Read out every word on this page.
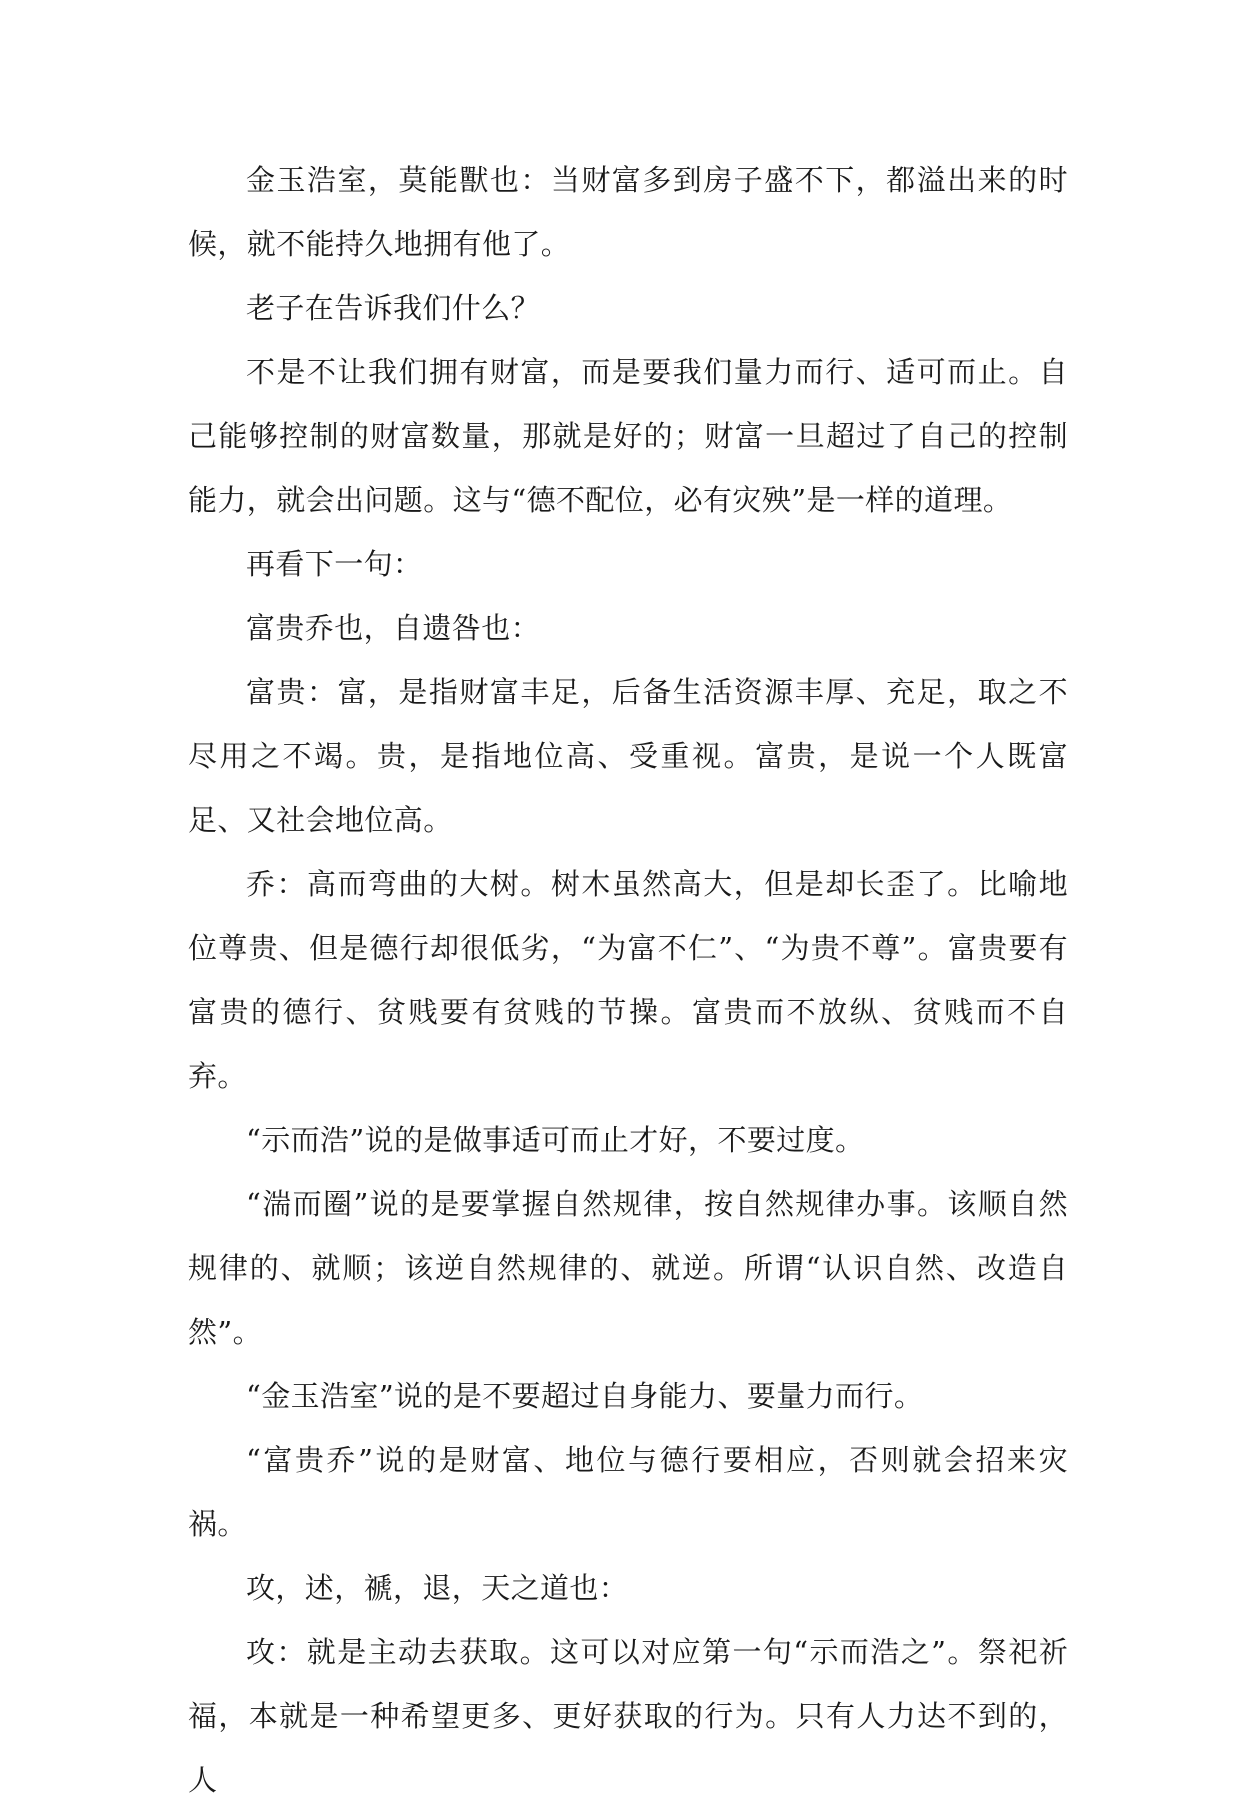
金玉浩室，莫能獸也：当财富多到房子盛不下，都溢出来的时候，就不能持久地拥有他了。

老子在告诉我们什么？

不是不让我们拥有财富，而是要我们量力而行、适可而止。自己能够控制的财富数量，那就是好的；财富一旦超过了自己的控制能力，就会出问题。这与“德不配位，必有灾殃”是一样的道理。

再看下一句：

富贵乔也，自遗咎也：

富贵：富，是指财富丰足，后备生活资源丰厚、充足，取之不尽用之不竭。贵，是指地位高、受重视。富贵，是说一个人既富足、又社会地位高。

乔：高而弯曲的大树。树木虽然高大，但是却长歪了。比喻地位尊贵、但是德行却很低劣，“为富不仁”、“为贵不尊”。富贵要有富贵的德行、贫贱要有贫贱的节操。富贵而不放纵、贫贱而不自弃。

“示而浩”说的是做事适可而止才好，不要过度。

“湍而圈”说的是要掌握自然规律，按自然规律办事。该顺自然规律的、就顺；该逆自然规律的、就逆。所谓“认识自然、改造自然”。

“金玉浩室”说的是不要超过自身能力、要量力而行。

“富贵乔”说的是财富、地位与德行要相应，否则就会招来灾祸。

攻，述，禠，退，天之道也：

攻：就是主动去获取。这可以对应第一句“示而浩之”。祭祀祈福，本就是一种希望更多、更好获取的行为。只有人力达不到的，人
